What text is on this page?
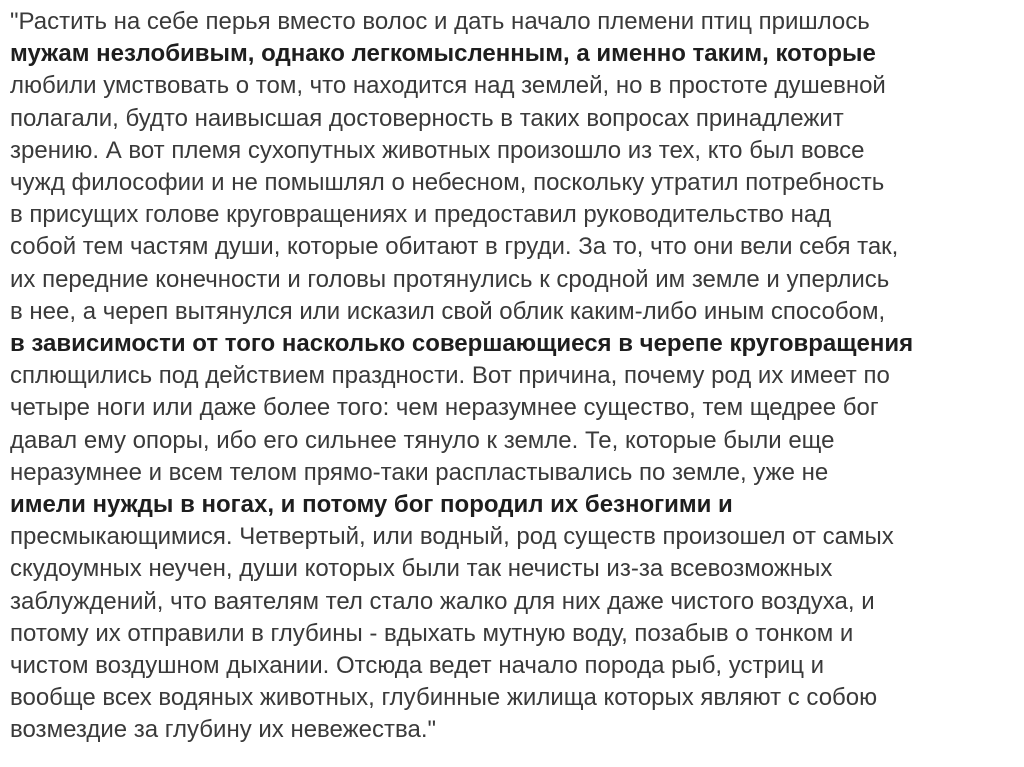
"Растить на себе перья вместо волос и дать начало племени птиц пришлось
мужам незлобивым, однако легкомысленным, а именно таким, которые
любили умствовать о том, что находится над землей, но в простоте душевной
полагали, будто наивысшая достоверность в таких вопросах принадлежит
зрению. А вот племя сухопутных животных произошло из тех, кто был вовсе
чужд философии и не помышлял о небесном, поскольку утратил потребность
в присущих голове круговращениях и предоставил руководительство над
собой тем частям души, которые обитают в груди. За то, что они вели себя так,
их передние конечности и головы протянулись к сродной им земле и уперлись
в нее, а череп вытянулся или исказил свой облик каким-либо иным способом,
в зависимости от того насколько совершающиеся в черепе круговращения
сплющились под действием праздности. Вот причина, почему род их имеет по
четыре ноги или даже более того: чем неразумнее существо, тем щедрее бог
давал ему опоры, ибо его сильнее тянуло к земле. Те, которые были еще
неразумнее и всем телом прямо-таки распластывались по земле, уже не
имели нужды в ногах, и потому бог породил их безногими и
пресмыкающимися. Четвертый, или водный, род существ произошел от самых
скудоумных неучен, души которых были так нечисты из-за всевозможных
заблуждений, что ваятелям тел стало жалко для них даже чистого воздуха, и
потому их отправили в глубины - вдыхать мутную воду, позабыв о тонком и
чистом воздушном дыхании. Отсюда ведет начало порода рыб, устриц и
вообще всех водяных животных, глубинные жилища которых являют с собою
возмездие за глубину их невежества."
